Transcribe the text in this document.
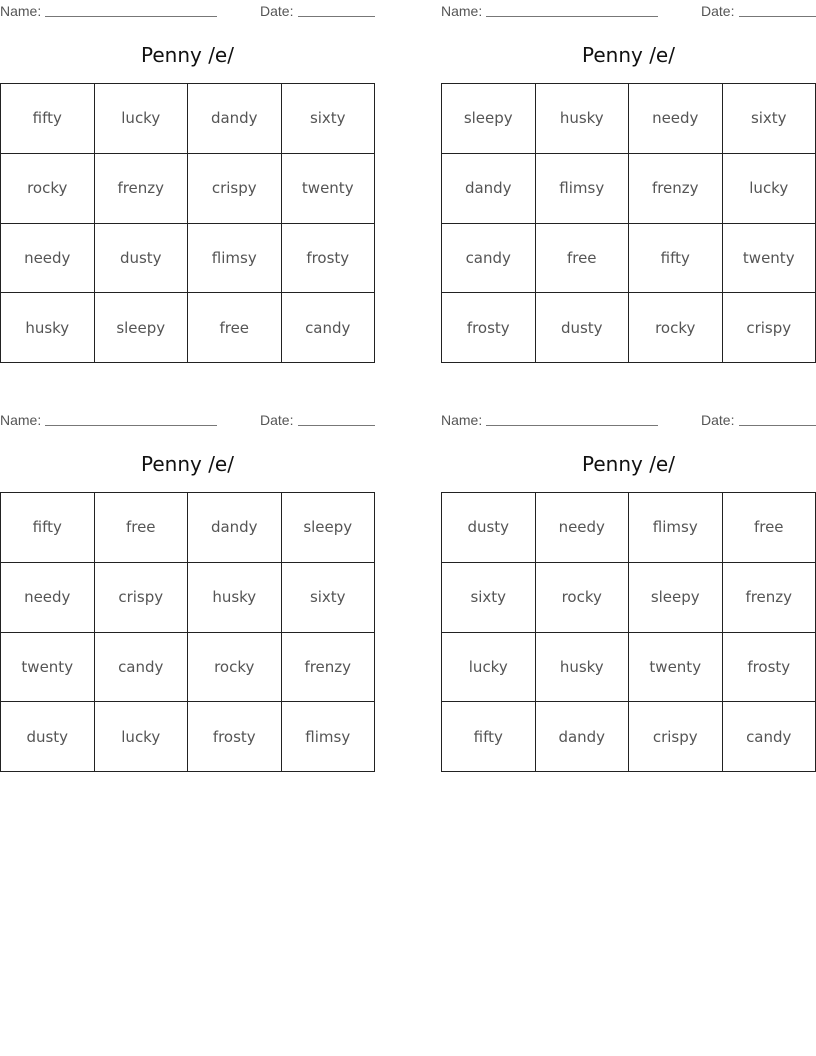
Name:	Date:
Penny /e/
fifty	lucky	dandy	sixty
rocky	frenzy	crispy	twenty
needy	dusty	flimsy	frosty
husky	sleepy	free	candy
Name:	Date:
Penny /e/
sleepy	husky	needy	sixty
dandy	flimsy	frenzy	lucky
candy	free	fifty	twenty
frosty	dusty	rocky	crispy
Name:	Date:
Penny /e/
fifty	free	dandy	sleepy
needy	crispy	husky	sixty
twenty	candy	rocky	frenzy
dusty	lucky	frosty	flimsy
Name:	Date:
Penny /e/
dusty	needy	flimsy	free
sixty	rocky	sleepy	frenzy
lucky	husky	twenty	frosty
fifty	dandy	crispy	candy
